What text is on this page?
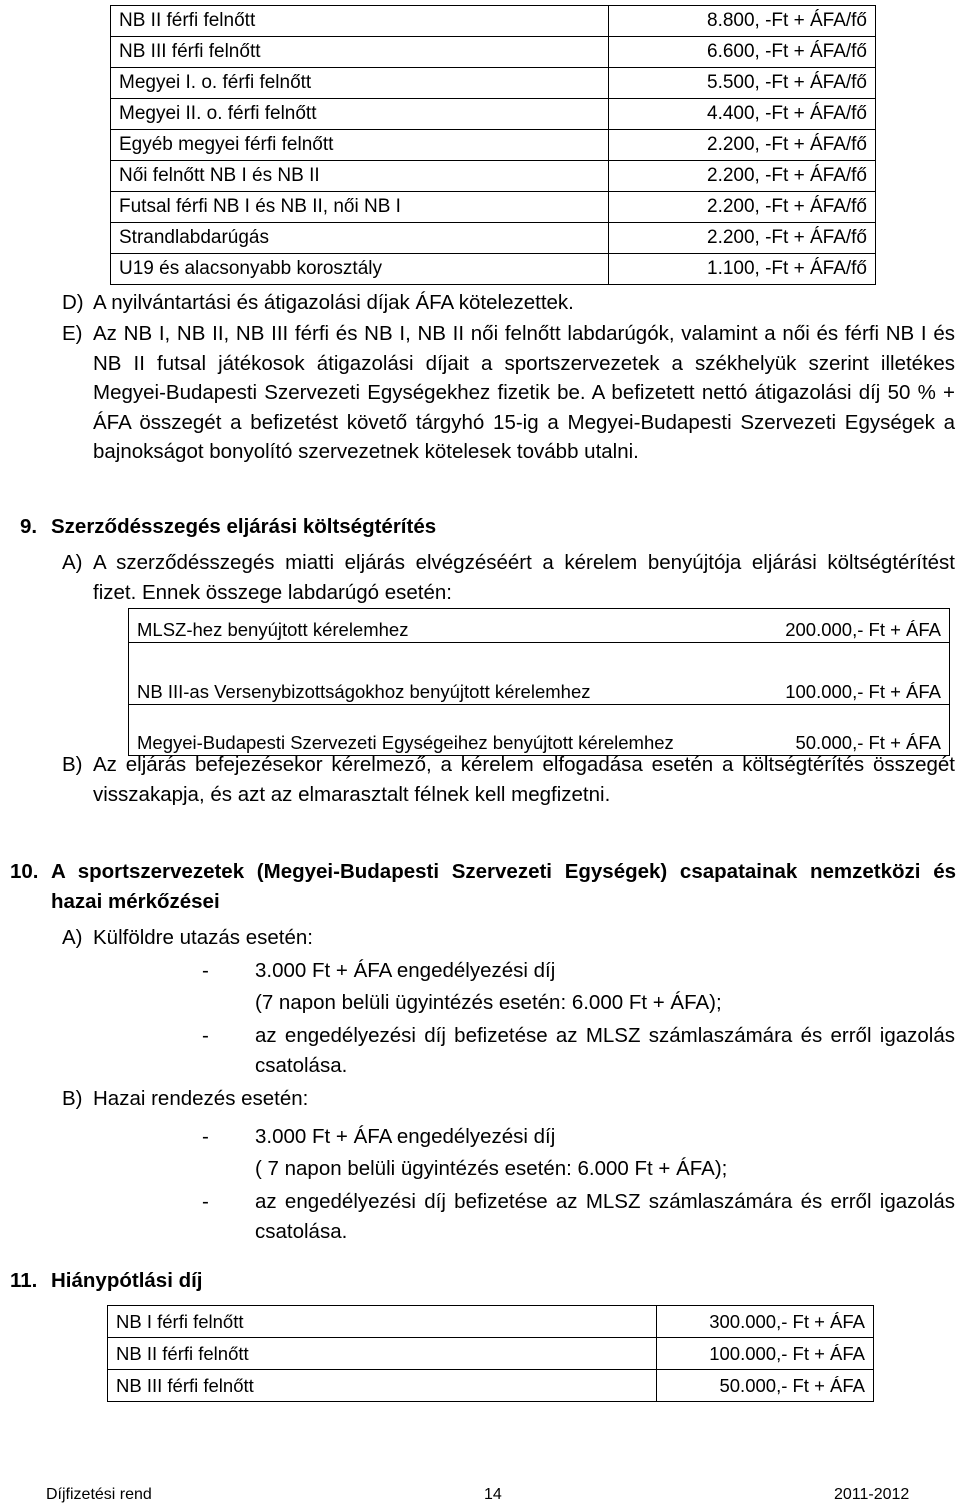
NB II férfi felnőtt	8.800, -Ft + ÁFA/fő
NB III férfi felnőtt	6.600, -Ft + ÁFA/fő
Megyei I. o. férfi felnőtt	5.500, -Ft + ÁFA/fő
Megyei II. o. férfi felnőtt	4.400, -Ft + ÁFA/fő
Egyéb megyei férfi felnőtt	2.200, -Ft + ÁFA/fő
Női felnőtt NB I és NB II	2.200, -Ft + ÁFA/fő
Futsal férfi NB I és NB II, női NB I	2.200, -Ft + ÁFA/fő
Strandlabdarúgás	2.200, -Ft + ÁFA/fő
U19 és alacsonyabb korosztály	1.100, -Ft + ÁFA/fő
D) A nyilvántartási és átigazolási díjak ÁFA kötelezettek.
E) Az NB I, NB II, NB III férfi és NB I, NB II női felnőtt labdarúgók, valamint a női és férfi NB I és NB II futsal játékosok átigazolási díjait a sportszervezetek a székhelyük szerint illetékes Megyei-Budapesti Szervezeti Egységekhez fizetik be. A befizetett nettó átigazolási díj 50 % + ÁFA összegét a befizetést követő tárgyhó 15-ig a Megyei-Budapesti Szervezeti Egységek a bajnokságot bonyolító szervezetnek kötelesek tovább utalni.
9. Szerződésszegés eljárási költségtérítés
A) A szerződésszegés miatti eljárás elvégzéséért a kérelem benyújtója eljárási költségtérítést fizet. Ennek összege labdarúgó esetén:
MLSZ-hez benyújtott kérelemhez	200.000,- Ft + ÁFA
NB III-as Versenybizottságokhoz benyújtott kérelemhez	100.000,- Ft + ÁFA
Megyei-Budapesti Szervezeti Egységeihez benyújtott kérelemhez	50.000,- Ft + ÁFA
B) Az eljárás befejezésekor kérelmező, a kérelem elfogadása esetén a költségtérítés összegét visszakapja, és azt az elmarasztalt félnek kell megfizetni.
10. A sportszervezetek (Megyei-Budapesti Szervezeti Egységek) csapatainak nemzetközi és hazai mérkőzései
A) Külföldre utazás esetén:
- 3.000 Ft + ÁFA engedélyezési díj
(7 napon belüli ügyintézés esetén: 6.000 Ft + ÁFA);
- az engedélyezési díj befizetése az MLSZ számlaszámára és erről igazolás csatolása.
B) Hazai rendezés esetén:
- 3.000 Ft + ÁFA engedélyezési díj
( 7 napon belüli ügyintézés esetén: 6.000 Ft + ÁFA);
- az engedélyezési díj befizetése az MLSZ számlaszámára és erről igazolás csatolása.
11. Hiánypótlási díj
NB I férfi felnőtt	300.000,- Ft + ÁFA
NB II férfi felnőtt	100.000,- Ft + ÁFA
NB III férfi felnőtt	50.000,- Ft + ÁFA
Díjfizetési rend	14	2011-2012
